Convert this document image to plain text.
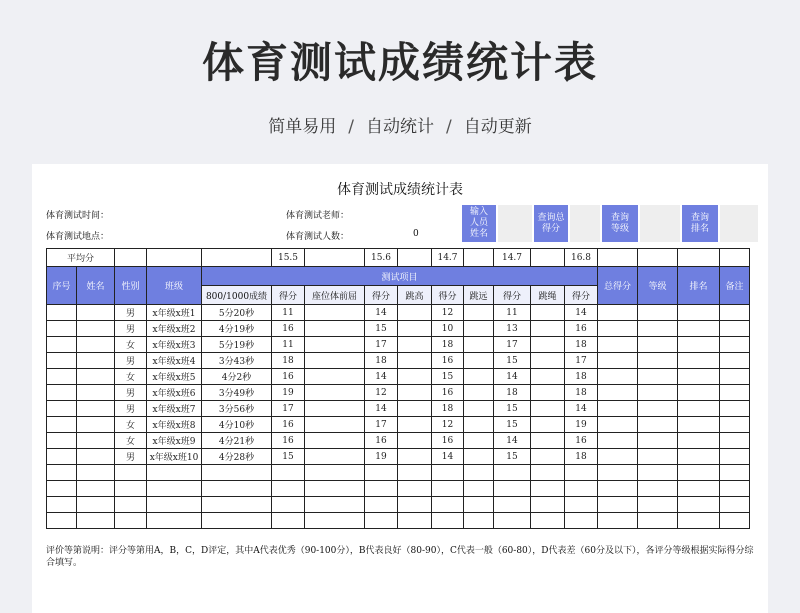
体育测试成绩统计表
简单易用 / 自动统计 / 自动更新
体育测试成绩统计表
体育测试时间：
体育测试地点：
体育测试老师：
体育测试人数：	0
输入人员姓名
查询总得分
查询等级
查询排名
平均分					15.5		15.6		14.7		14.7		16.8				
序号	姓名	性别	班级	测试项目										总得分	等级	排名	备注
				800/1000成绩	得分	座位体前屈	得分	跳高	得分	跳远	得分	跳绳	得分				
		男	x年级x班1	5分20秒	11		14		12		11		14				
		男	x年级x班2	4分19秒	16		15		10		13		16				
		女	x年级x班3	5分19秒	11		17		18		17		18				
		男	x年级x班4	3分43秒	18		18		16		15		17				
		女	x年级x班5	4分2秒	16		14		15		14		18				
		男	x年级x班6	3分49秒	19		12		16		18		18				
		男	x年级x班7	3分56秒	17		14		18		15		14				
		女	x年级x班8	4分10秒	16		17		12		15		19				
		女	x年级x班9	4分21秒	16		16		16		14		16				
		男	x年级x班10	4分28秒	15		19		14		15		18				

评价等第说明：评分等第用A，B，C，D评定，其中A代表优秀（90-100分），B代表良好（80-90），C代表一般（60-80），D代表差（60分及以下），各评分等级根据实际得分综合填写。
